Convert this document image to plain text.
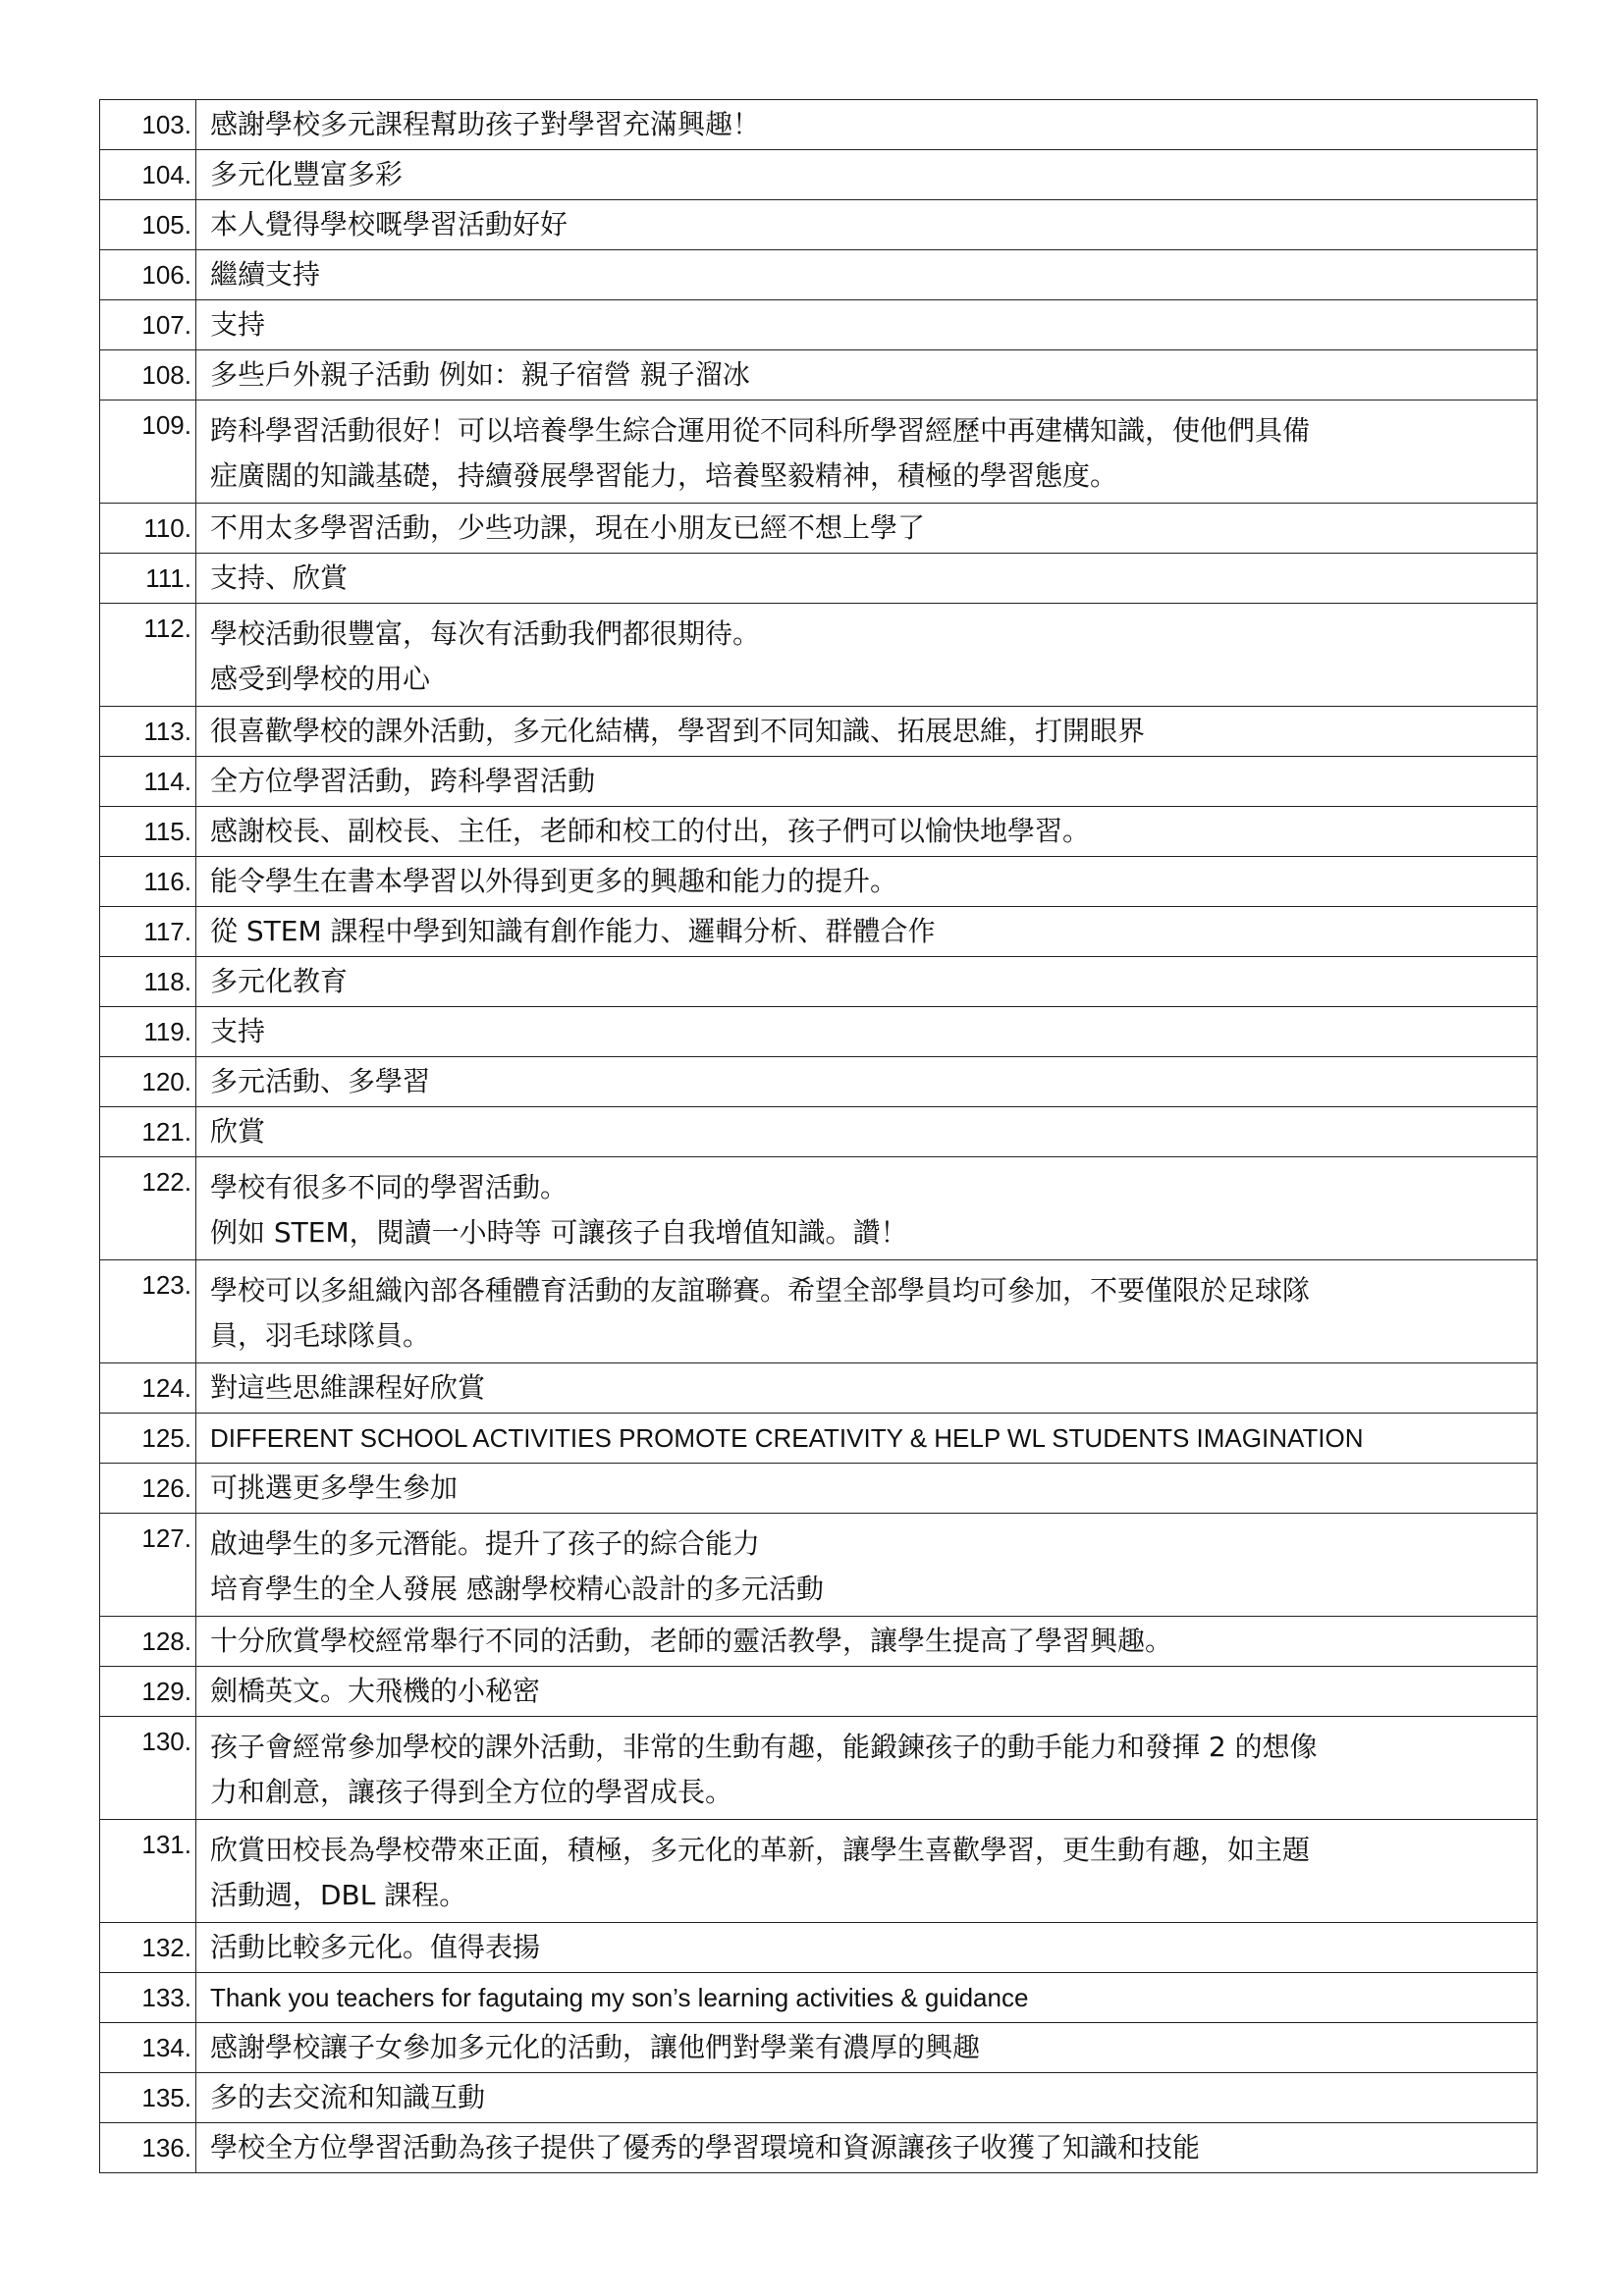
103.	感謝學校多元課程幫助孩子對學習充滿興趣！

104.	多元化豐富多彩

105.	本人覺得學校嘅學習活動好好

106.	繼續支持

107.	支持

108.	多些戶外親子活動 例如：親子宿營 親子溜冰

109.	跨科學習活動很好！可以培養學生綜合運用從不同科所學習經歷中再建構知識，使他們具備
症廣闊的知識基礎，持續發展學習能力，培養堅毅精神，積極的學習態度。

110.	不用太多學習活動，少些功課，現在小朋友已經不想上學了

111.	支持、欣賞

112.	學校活動很豐富，每次有活動我們都很期待。
感受到學校的用心

113.	很喜歡學校的課外活動，多元化結構，學習到不同知識、拓展思維，打開眼界

114.	全方位學習活動，跨科學習活動

115.	感謝校長、副校長、主任，老師和校工的付出，孩子們可以愉快地學習。

116.	能令學生在書本學習以外得到更多的興趣和能力的提升。

117.	從 STEM 課程中學到知識有創作能力、邏輯分析、群體合作

118.	多元化教育

119.	支持

120.	多元活動、多學習

121.	欣賞

122.	學校有很多不同的學習活動。
例如 STEM，閱讀一小時等 可讓孩子自我增值知識。讚！

123.	學校可以多組織內部各種體育活動的友誼聯賽。希望全部學員均可參加，不要僅限於足球隊
員，羽毛球隊員。

124.	對這些思維課程好欣賞

125.	DIFFERENT SCHOOL ACTIVITIES PROMOTE CREATIVITY & HELP WL STUDENTS IMAGINATION

126.	可挑選更多學生參加

127.	啟迪學生的多元潛能。提升了孩子的綜合能力
培育學生的全人發展 感謝學校精心設計的多元活動

128.	十分欣賞學校經常舉行不同的活動，老師的靈活教學，讓學生提高了學習興趣。

129.	劍橋英文。大飛機的小秘密

130.	孩子會經常參加學校的課外活動，非常的生動有趣，能鍛鍊孩子的動手能力和發揮 2 的想像
力和創意，讓孩子得到全方位的學習成長。

131.	欣賞田校長為學校帶來正面，積極，多元化的革新，讓學生喜歡學習，更生動有趣，如主題
活動週，DBL 課程。

132.	活動比較多元化。值得表揚

133.	Thank you teachers for fagutaing my son’s learning activities & guidance

134.	感謝學校讓子女參加多元化的活動，讓他們對學業有濃厚的興趣

135.	多的去交流和知識互動

136.	學校全方位學習活動為孩子提供了優秀的學習環境和資源讓孩子收獲了知識和技能
